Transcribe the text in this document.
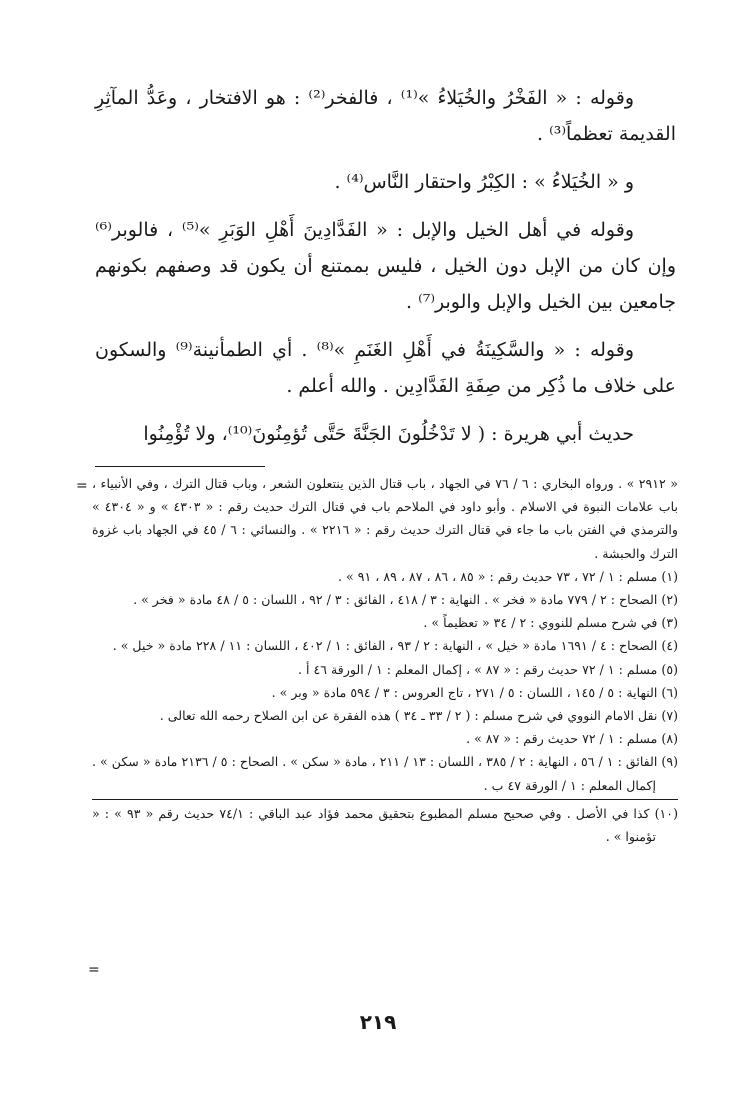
وقوله : « الفَخْرُ والخُيَلاءُ »⁽¹⁾ ، فالفخر⁽²⁾ : هو الافتخار ، وعَدُّ المآثِرِ القديمة تعظماً⁽³⁾ .

و « الخُيَلاءُ » : الكِبْرُ واحتقار النَّاس⁽⁴⁾ .

وقوله في أهل الخيل والإبل : « الفَدَّادِينَ أَهْلِ الوَبَرِ »⁽⁵⁾ ، فالوبر⁽⁶⁾ وإن كان من الإبل دون الخيل ، فليس بممتنع أن يكون قد وصفهم بكونهم جامعين بين الخيل والإبل والوبر⁽⁷⁾ .

وقوله : « والسَّكِينَةُ في أَهْلِ الغَنَمِ »⁽⁸⁾ . أي الطمأنينة⁽⁹⁾ والسكون على خلاف ما ذُكِر من صِفَةِ الفَدَّادِين . والله أعلم .

حديث أبي هريرة : ( لا تَدْخُلُونَ الجَنَّةَ حَتَّى تُؤمِنُونَ⁽¹⁰⁾، ولا تُؤْمِنُوا

= « ٢٩١٢ » . ورواه البخاري : ٦ / ٧٦ في الجهاد ، باب قتال الذين ينتعلون الشعر ، وباب قتال الترك ، وفي الأنبياء ، باب علامات النبوة في الاسلام . وأبو داود في الملاحم باب في قتال الترك حديث رقم : « ٤٣٠٣ » و « ٤٣٠٤ » والترمذي في الفتن باب ما جاء في قتال الترك حديث رقم : « ٢٢١٦ » . والنسائي : ٦ / ٤٥ في الجهاد باب غزوة الترك والحبشة .

(١) مسلم : ١ / ٧٢ ، ٧٣ حديث رقم : « ٨٥ ، ٨٦ ، ٨٧ ، ٨٩ ، ٩١ » .

(٢) الصحاح : ٢ / ٧٧٩ مادة « فخر » . النهاية : ٣ / ٤١٨ ، الفائق : ٣ / ٩٢ ، اللسان : ٥ / ٤٨ مادة « فخر » .

(٣) في شرح مسلم للنووي : ٢ / ٣٤ « تعظيماً » .

(٤) الصحاح : ٤ / ١٦٩١ مادة « خيل » ، النهاية : ٢ / ٩٣ ، الفائق : ١ / ٤٠٢ ، اللسان : ١١ / ٢٢٨ مادة « خيل » .

(٥) مسلم : ١ / ٧٢ حديث رقم : « ٨٧ » ، إكمال المعلم : ١ / الورقة ٤٦ أ .

(٦) النهاية : ٥ / ١٤٥ ، اللسان : ٥ / ٢٧١ ، تاج العروس : ٣ / ٥٩٤ مادة « وبر » .

(٧) نقل الامام النووي في شرح مسلم : ( ٢ / ٣٣ ـ ٣٤ ) هذه الفقرة عن ابن الصلاح رحمه الله تعالى .

(٨) مسلم : ١ / ٧٢ حديث رقم : « ٨٧ » .

(٩) الفائق : ١ / ٥٦ ، النهاية : ٢ / ٣٨٥ ، اللسان : ١٣ / ٢١١ ، مادة « سكن » . الصحاح : ٥ / ٢١٣٦ مادة « سكن » . إكمال المعلم : ١ / الورقة ٤٧ ب .

(١٠) كذا في الأصل . وفي صحيح مسلم المطبوع بتحقيق محمد فؤاد عبد الباقي : ٧٤/١ حديث رقم « ٩٣ » : « تؤمنوا » .

=
٢١٩
